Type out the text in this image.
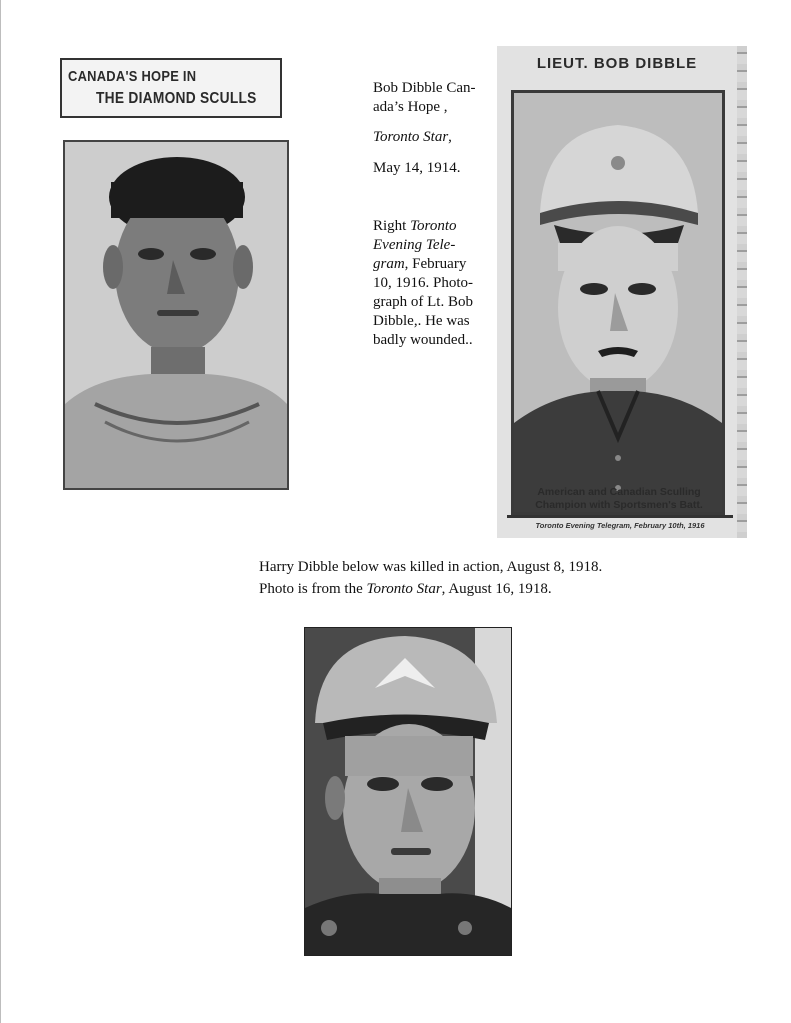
CANADA'S HOPE IN
THE DIAMOND SCULLS
Bob Dibble Can-
ada’s Hope ,
Toronto Star,
May 14, 1914.

Right Toronto

Evening Tele-

gram, February

10, 1916. Photo-

graph of Lt. Bob

Dibble,. He was

badly wounded..

LIEUT. BOB DIBBLE
American and Canadian Sculling
Champion with Sportsmen's Batt.
Toronto Evening Telegram, February 10th, 1916

Harry Dibble below was killed in action, August 8, 1918.

Photo is from the Toronto Star, August 16, 1918.
